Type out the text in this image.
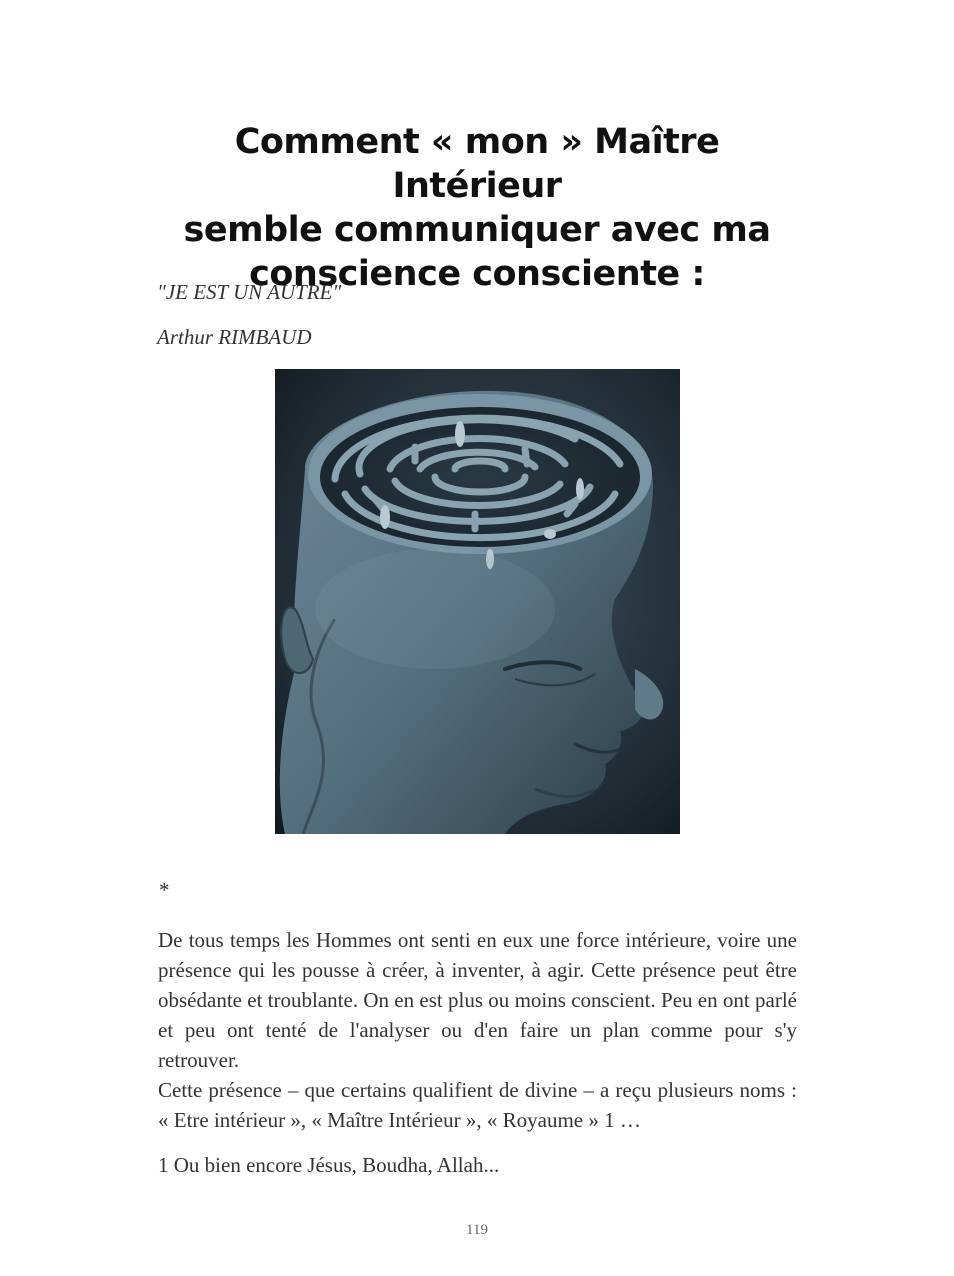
Comment « mon » Maître Intérieur
semble communiquer avec ma
conscience consciente :
"JE EST UN AUTRE"
Arthur RIMBAUD
*

De tous temps les Hommes ont senti en eux une force intérieure, voire une présence qui les pousse à créer, à inventer, à agir. Cette présence peut être obsédante et troublante. On en est plus ou moins conscient. Peu en ont parlé et peu ont tenté de l'analyser ou d'en faire un plan comme pour s'y retrouver.

Cette présence – que certains qualifient de divine – a reçu plusieurs noms : « Etre intérieur », « Maître Intérieur », « Royaume » 1 …

1 Ou bien encore Jésus, Boudha, Allah...
119
